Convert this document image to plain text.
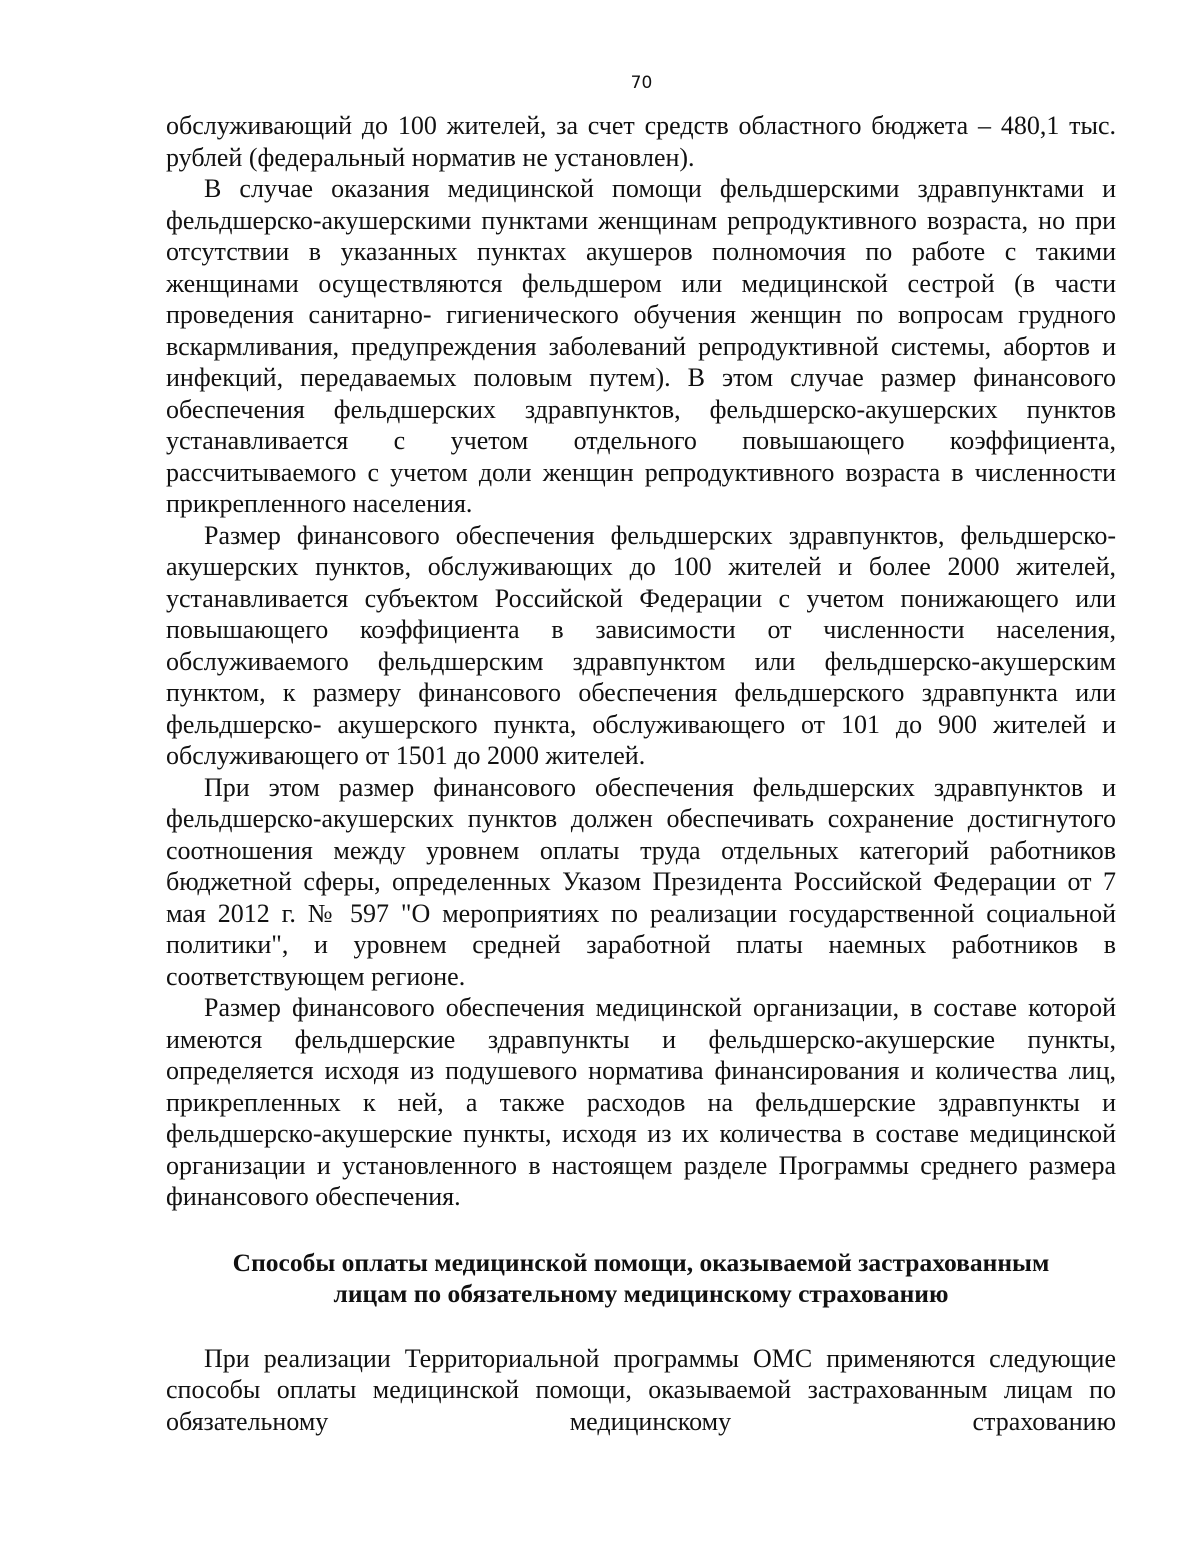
70

обслуживающий до 100 жителей, за счет средств областного бюджета – 480,1 тыс. рублей (федеральный норматив не установлен).

В случае оказания медицинской помощи фельдшерскими здравпунктами и фельдшерско-акушерскими пунктами женщинам репродуктивного возраста, но при отсутствии в указанных пунктах акушеров полномочия по работе с такими женщинами осуществляются фельдшером или медицинской сестрой (в части проведения санитарно- гигиенического обучения женщин по вопросам грудного вскармливания, предупреждения заболеваний репродуктивной системы, абортов и инфекций, передаваемых половым путем). В этом случае размер финансового обеспечения фельдшерских здравпунктов, фельдшерско-акушерских пунктов устанавливается с учетом отдельного повышающего коэффициента, рассчитываемого с учетом доли женщин репродуктивного возраста в численности прикрепленного населения.

Размер финансового обеспечения фельдшерских здравпунктов, фельдшерско-акушерских пунктов, обслуживающих до 100 жителей и более 2000 жителей, устанавливается субъектом Российской Федерации с учетом понижающего или повышающего коэффициента в зависимости от численности населения, обслуживаемого фельдшерским здравпунктом или фельдшерско-акушерским пунктом, к размеру финансового обеспечения фельдшерского здравпункта или фельдшерско- акушерского пункта, обслуживающего от 101 до 900 жителей и обслуживающего от 1501 до 2000 жителей.

При этом размер финансового обеспечения фельдшерских здравпунктов и фельдшерско-акушерских пунктов должен обеспечивать сохранение достигнутого соотношения между уровнем оплаты труда отдельных категорий работников бюджетной сферы, определенных Указом Президента Российской Федерации от 7 мая 2012 г. № 597 "О мероприятиях по реализации государственной социальной политики", и уровнем средней заработной платы наемных работников в соответствующем регионе.

Размер финансового обеспечения медицинской организации, в составе которой имеются фельдшерские здравпункты и фельдшерско-акушерские пункты, определяется исходя из подушевого норматива финансирования и количества лиц, прикрепленных к ней, а также расходов на фельдшерские здравпункты и фельдшерско-акушерские пункты, исходя из их количества в составе медицинской организации и установленного в настоящем разделе Программы среднего размера финансового обеспечения.

Способы оплаты медицинской помощи, оказываемой застрахованным
лицам по обязательному медицинскому страхованию

При реализации Территориальной программы ОМС применяются следующие способы оплаты медицинской помощи, оказываемой застрахованным лицам по обязательному медицинскому страхованию
